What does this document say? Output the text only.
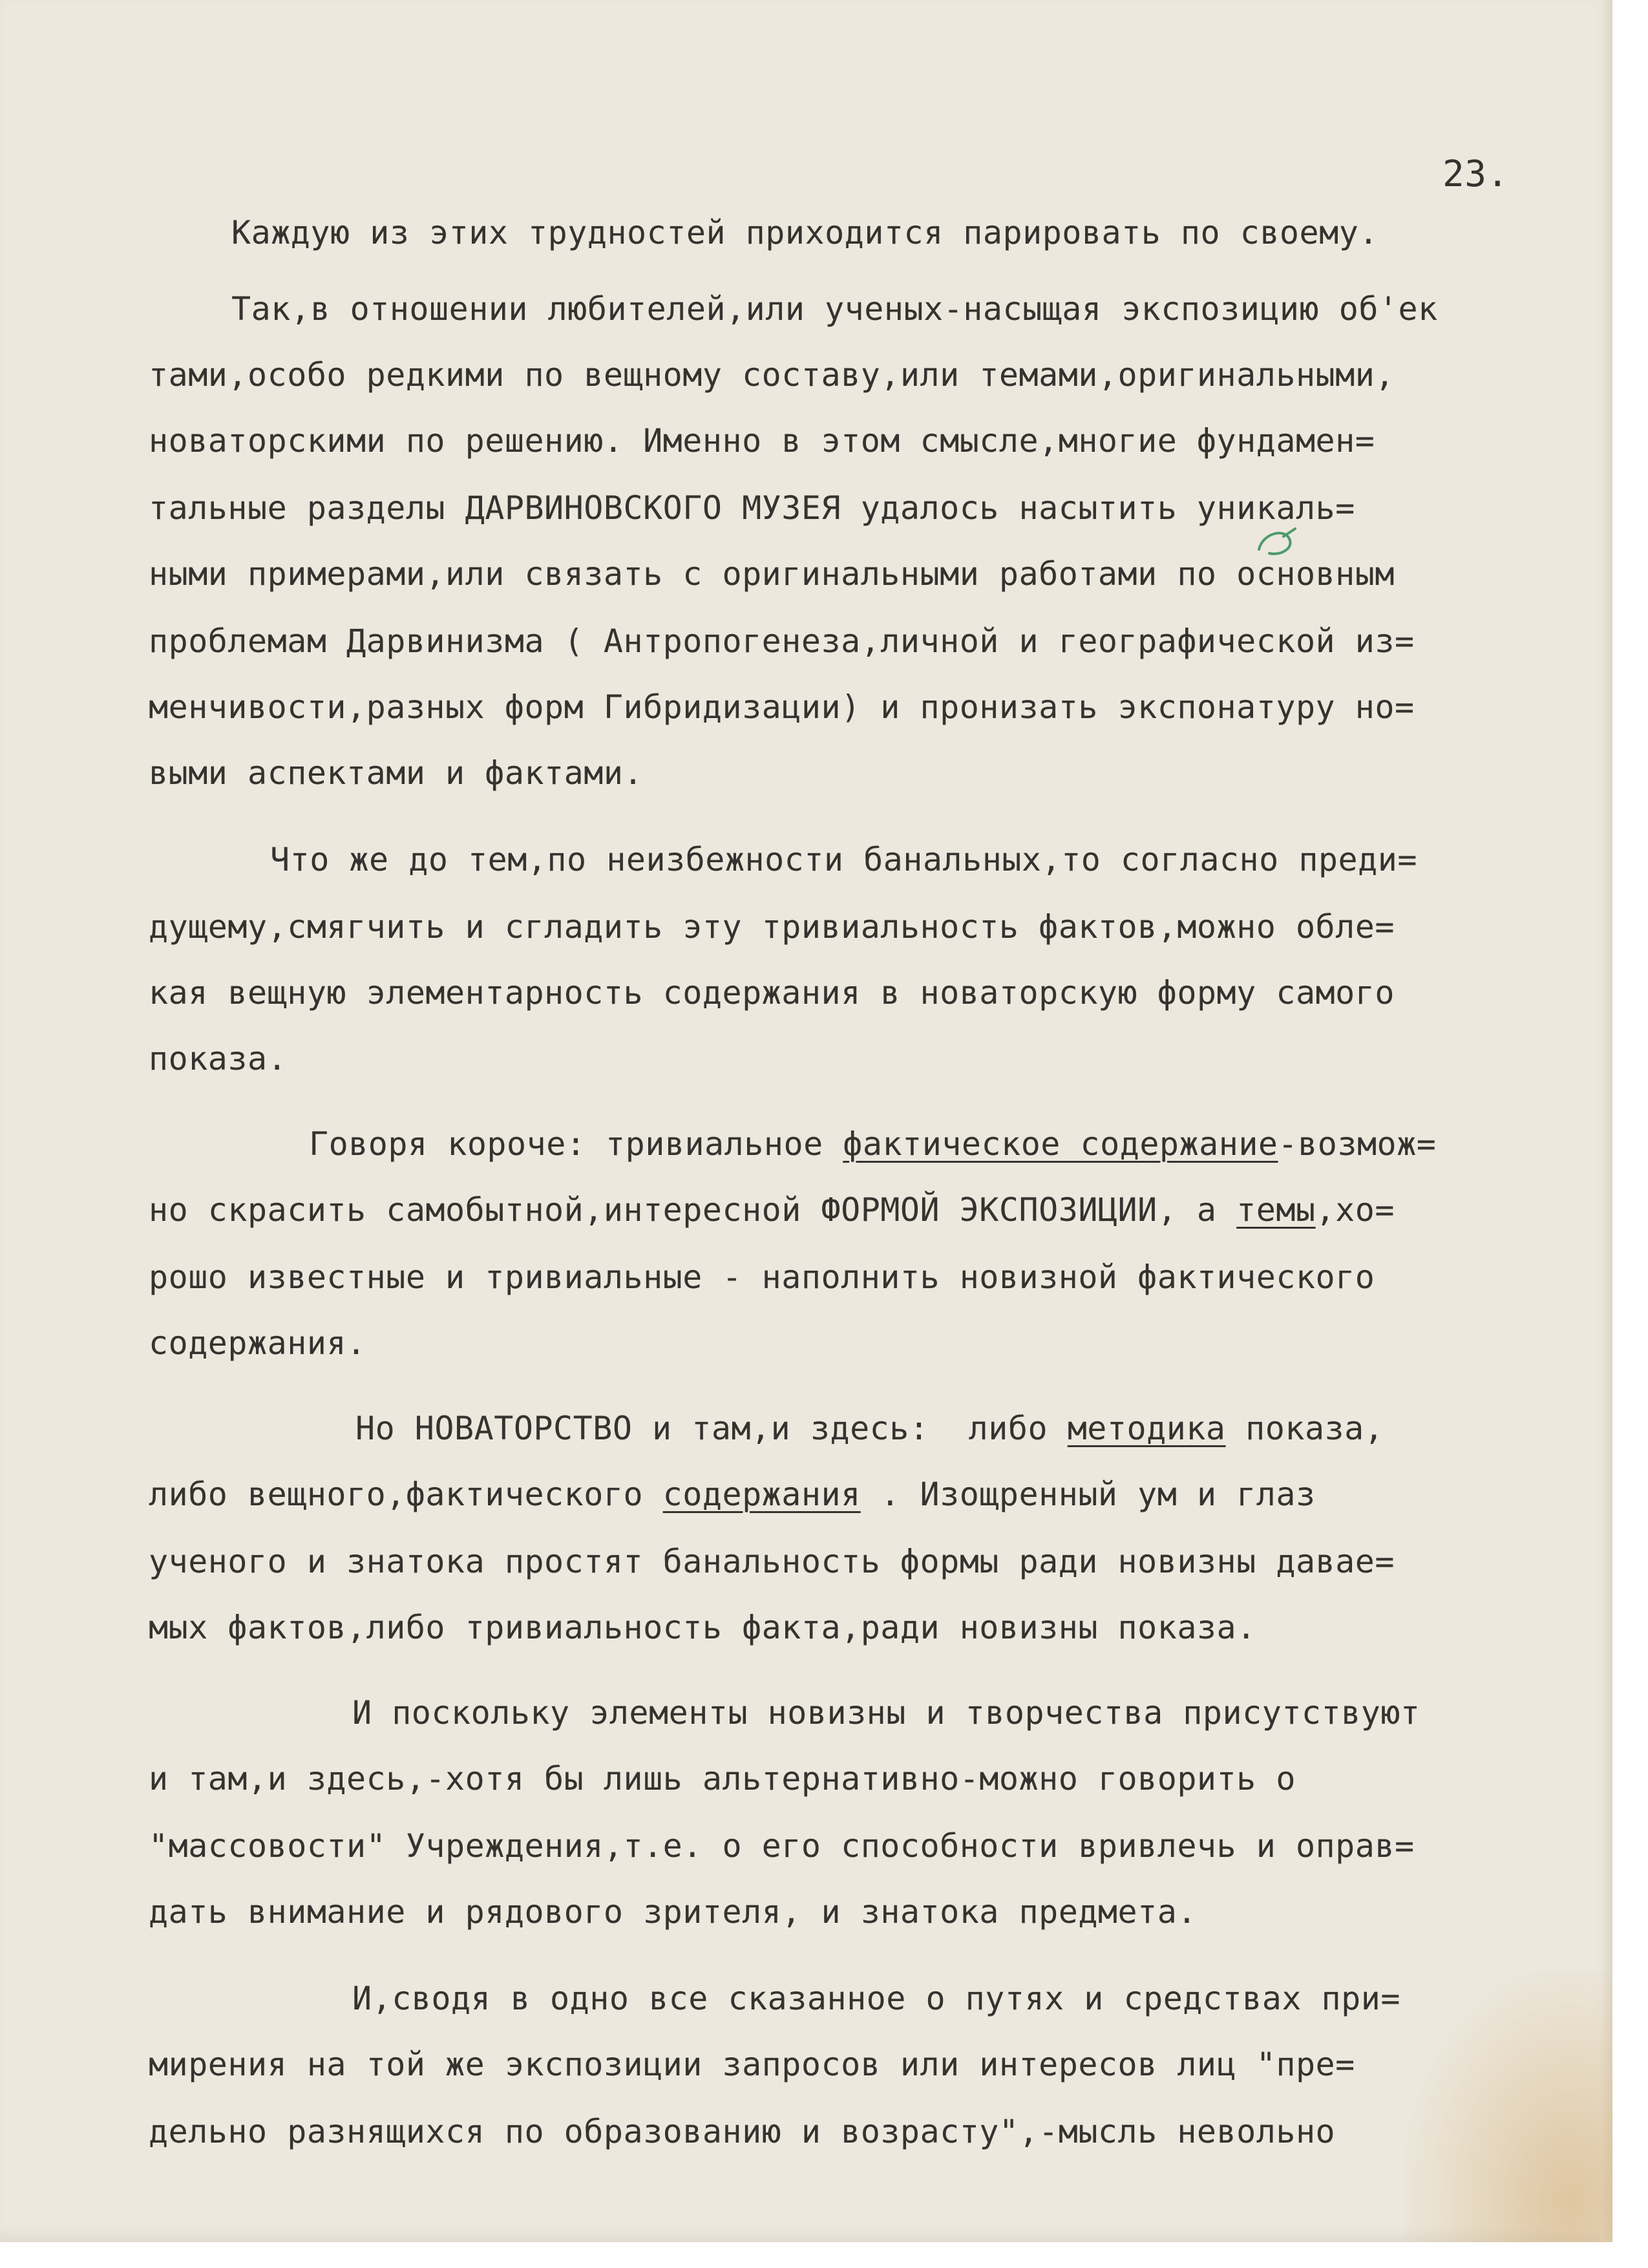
23.

Каждую из этих трудностей приходится парировать по своему.

Так,в отношении любителей,или ученых-насыщая экспозицию об'ек

тами,особо редкими по вещному составу,или темами,оригинальными,

новаторскими по решению. Именно в этом смысле,многие фундамен=

тальные разделы ДАРВИНОВСКОГО МУЗЕЯ удалось насытить уникаль=

ными примерами,или связать с оригинальными работами по основным

проблемам Дарвинизма ( Антропогенеза,личной и географической из=

менчивости,разных форм Гибридизации) и пронизать экспонатуру но=

выми аспектами и фактами.

Что же до тем,по неизбежности банальных,то согласно преди=

дущему,смягчить и сгладить эту тривиальность фактов,можно обле=

кая вещную элементарность содержания в новаторскую форму самого

показа.

Говоря короче: тривиальное фактическое содержание-возмож=

но скрасить самобытной,интересной ФОРМОЙ ЭКСПОЗИЦИИ, а темы,хо=

рошо известные и тривиальные - наполнить новизной фактического

содержания.

Но НОВАТОРСТВО и там,и здесь:  либо методика показа,

либо вещного,фактического содержания . Изощренный ум и глаз

ученого и знатока простят банальность формы ради новизны давае=

мых фактов,либо тривиальность факта,ради новизны показа.

И поскольку элементы новизны и творчества присутствуют

и там,и здесь,-хотя бы лишь альтернативно-можно говорить о

"массовости" Учреждения,т.е. о его способности вривлечь и оправ=

дать внимание и рядового зрителя, и знатока предмета.

И,сводя в одно все сказанное о путях и средствах при=

мирения на той же экспозиции запросов или интересов лиц "пре=

дельно разнящихся по образованию и возрасту",-мысль невольно
